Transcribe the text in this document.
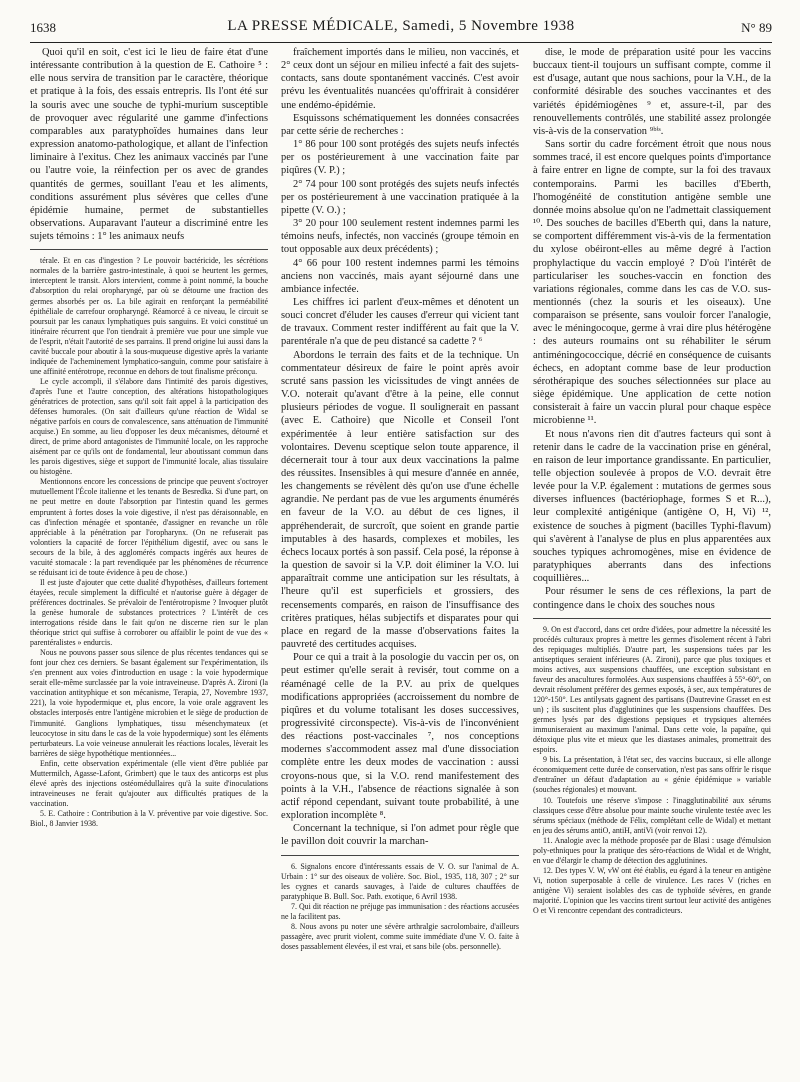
1638	LA PRESSE MÉDICALE, Samedi, 5 Novembre 1938	N° 89

Quoi qu'il en soit, c'est ici le lieu de faire état d'une intéressante contribution à la question de E. Cathoire ⁵ : elle nous servira de transition par le caractère, théorique et pratique à la fois, des essais entrepris. Ils l'ont été sur la souris avec une souche de typhi-murium susceptible de provoquer avec régularité une gamme d'infections comparables aux paratyphoïdes humaines dans leur expression anatomo-pathologique, et allant de l'infection liminaire à l'exitus. Chez les animaux vaccinés par l'une ou l'autre voie, la réinfection per os avec de grandes quantités de germes, souillant l'eau et les aliments, conditions assurément plus sévères que celles d'une épidémie humaine, permet de substantielles observations. Auparavant l'auteur a discriminé entre les sujets témoins : 1° les animaux neufs

térale. Et en cas d'ingestion ? Le pouvoir bactéricide, les sécrétions normales de la barrière gastro-intestinale, à quoi se heurtent les germes, interceptent le transit. Alors intervient, comme à point nommé, la bouche d'absorption du relai oropharyngé, par où se détourne une fraction des germes absorbés per os. La bile agirait en renforçant la perméabilité épithéliale de carrefour oropharyngé. Réamorcé à ce niveau, le circuit se poursuit par les canaux lymphatiques puis sanguins. Et voici constitué un itinéraire récurrent que l'on tiendrait à première vue pour une simple vue de l'esprit, n'était l'autorité de ses parrains. Il prend origine lui aussi dans la cavité buccale pour aboutir à la sous-muqueuse digestive après la variante indiquée de l'acheminement lymphatico-sanguin, comme pour satisfaire à une affinité entérotrope, reconnue en dehors de tout finalisme préconçu.

Le cycle accompli, il s'élabore dans l'intimité des parois digestives, d'après l'une et l'autre conception, des altérations histopathologiques génératrices de protection, sans qu'il soit fait appel à la participation des défenses humorales. (On sait d'ailleurs qu'une réaction de Widal se négative parfois en cours de convalescence, sans atténuation de l'immunité acquise.) En somme, au lieu d'opposer les deux mécanismes, détourné et direct, de prime abord antagonistes de l'immunité locale, on les rapproche aisément par ce qu'ils ont de fondamental, leur aboutissant commun dans les parois digestives, siège et support de l'immunité locale, alias tissulaire ou histogène.

Mentionnons encore les concessions de principe que peuvent s'octroyer mutuellement l'École italienne et les tenants de Besredka. Si d'une part, on ne peut mettre en doute l'absorption par l'intestin quand les germes empruntent à fortes doses la voie digestive, il n'est pas déraisonnable, en cas d'infection ménagée et spontanée, d'assigner en revanche un rôle appréciable à la pénétration par l'oropharynx. (On ne refuserait pas volontiers la capacité de forcer l'épithélium digestif, avec ou sans le secours de la bile, à des agglomérés compacts ingérés aux heures de vacuité stomacale : la part revendiquée par les phénomènes de récurrence se réduisant ici de toute évidence à peu de chose.)

Il est juste d'ajouter que cette dualité d'hypothèses, d'ailleurs fortement étayées, recule simplement la difficulté et n'autorise guère à dégager de préférences doctrinales. Se prévaloir de l'entérotropisme ? Invoquer plutôt la genèse humorale de substances protectrices ? L'intérêt de ces interrogations réside dans le fait qu'on ne discerne rien sur le plan théorique strict qui suffise à corroborer ou affaiblir le point de vue des « parentéralistes » endurcis.

Nous ne pouvons passer sous silence de plus récentes tendances qui se font jour chez ces derniers. Se basant également sur l'expérimentation, ils s'en prennent aux voies d'introduction en usage : la voie hypodermique serait elle-même surclassée par la voie intraveineuse. D'après A. Zironi (la vaccination antityphique et son mécanisme, Terapia, 27, Novembre 1937, 221), la voie hypodermique et, plus encore, la voie orale aggravent les obstacles interposés entre l'antigène microbien et le siège de production de l'immunité. Ganglions lymphatiques, tissu mésenchymateux (et leucocytose in situ dans le cas de la voie hypodermique) sont les éléments perturbateurs. La voie veineuse annulerait les réactions locales, lèverait les barrières de siège hypothétique mentionnées...

Enfin, cette observation expérimentale (elle vient d'être publiée par Muttermilch, Agasse-Lafont, Grimbert) que le taux des anticorps est plus élevé après des injections ostéomédullaires qu'à la suite d'inoculations intraveineuses ne ferait qu'ajouter aux difficultés pratiques de la vaccination.

5. E. Cathoire : Contribution à la V. préventive par voie digestive. Soc. Biol., 8 Janvier 1938.

fraîchement importés dans le milieu, non vaccinés, et 2° ceux dont un séjour en milieu infecté a fait des sujets-contacts, sans doute spontanément vaccinés. C'est avoir prévu les éventualités nuancées qu'offrirait à considérer une endémo-épidémie.

Esquissons schématiquement les données consacrées par cette série de recherches :

1° 86 pour 100 sont protégés des sujets neufs infectés per os postérieurement à une vaccination faite par piqûres (V. P.) ;

2° 74 pour 100 sont protégés des sujets neufs infectés per os postérieurement à une vaccination pratiquée à la pipette (V. O.) ;

3° 20 pour 100 seulement restent indemnes parmi les témoins neufs, infectés, non vaccinés (groupe témoin en tout opposable aux deux précédents) ;

4° 66 pour 100 restent indemnes parmi les témoins anciens non vaccinés, mais ayant séjourné dans une ambiance infectée.

Les chiffres ici parlent d'eux-mêmes et dénotent un souci concret d'éluder les causes d'erreur qui vicient tant de travaux. Comment rester indifférent au fait que la V. parentérale n'a que de peu distancé sa cadette ? ⁶

Abordons le terrain des faits et de la technique. Un commentateur désireux de faire le point après avoir scruté sans passion les vicissitudes de vingt années de V.O. noterait qu'avant d'être à la peine, elle connut plusieurs périodes de vogue. Il soulignerait en passant (avec E. Cathoire) que Nicolle et Conseil l'ont expérimentée à leur entière satisfaction sur des volontaires. Devenu sceptique selon toute apparence, il décernerait tour à tour aux deux vaccinations la palme des réussites. Insensibles à qui mesure d'année en année, les changements se révèlent dès qu'on use d'une échelle agrandie. Ne perdant pas de vue les arguments énumérés en faveur de la V.O. au début de ces lignes, il appréhenderait, de surcroît, que soient en grande partie imputables à des hasards, complexes et mobiles, les échecs locaux portés à son passif. Cela posé, la réponse à la question de savoir si la V.P. doit éliminer la V.O. lui apparaîtrait comme une anticipation sur les résultats, à l'heure qu'il est superficiels et grossiers, des recensements comparés, en raison de l'insuffisance des critères pratiques, hélas subjectifs et disparates pour qui place en regard de la masse d'observations faites la pauvreté des certitudes acquises.

Pour ce qui a trait à la posologie du vaccin per os, on peut estimer qu'elle serait à revisér, tout comme on a réaménagé celle de la P.V. au prix de quelques modifications appropriées (accroissement du nombre de piqûres et du volume totalisant les doses successives, progressivité circonspecte). Vis-à-vis de l'inconvénient des réactions post-vaccinales ⁷, nos conceptions modernes s'accommodent assez mal d'une dissociation complète entre les deux modes de vaccination : aussi croyons-nous que, si la V.O. rend manifestement des points à la V.H., l'absence de réactions signalée à son actif répond cependant, suivant toute probabilité, à une exploration incomplète ⁸.

Concernant la technique, si l'on admet pour règle que le pavillon doit couvrir la marchan-

6. Signalons encore d'intéressants essais de V. O. sur l'animal de A. Urbain : 1° sur des oiseaux de volière. Soc. Biol., 1935, 118, 307 ; 2° sur les cygnes et canards sauvages, à l'aide de cultures chauffées de paratyphique B. Bull. Soc. Path. exotique, 6 Avril 1938.

7. Qui dit réaction ne préjuge pas immunisation : des réactions accusées ne la facilitent pas.

8. Nous avons pu noter une sévère arthralgie sacrolombaire, d'ailleurs passagère, avec prurit violent, comme suite immédiate d'une V. O. faite à doses passablement élevées, il est vrai, et sans bile (obs. personnelle).

dise, le mode de préparation usité pour les vaccins buccaux tient-il toujours un suffisant compte, comme il est d'usage, autant que nous sachions, pour la V.H., de la conformité désirable des souches vaccinantes et des variétés épidémiogènes ⁹ et, assure-t-il, par des renouvellements contrôlés, une stabilité assez prolongée vis-à-vis de la conservation ⁹ᵇⁱˢ.

Sans sortir du cadre forcément étroit que nous nous sommes tracé, il est encore quelques points d'importance à faire entrer en ligne de compte, sur la foi des travaux contemporains. Parmi les bacilles d'Eberth, l'homogénéité de constitution antigène semble une donnée moins absolue qu'on ne l'admettait classiquement ¹⁰. Des souches de bacilles d'Eberth qui, dans la nature, se comportent différemment vis-à-vis de la fermentation du xylose obéiront-elles au même degré à l'action prophylactique du vaccin employé ? D'où l'intérêt de particulariser les souches-vaccin en fonction des variations régionales, comme dans les cas de V.O. sus-mentionnés (chez la souris et les oiseaux). Une comparaison se présente, sans vouloir forcer l'analogie, avec le méningocoque, germe à vrai dire plus hétérogène : des auteurs roumains ont su réhabiliter le sérum antiméningococcique, décrié en conséquence de cuisants échecs, en adoptant comme base de leur production sérothérapique des souches sélectionnées sur place au siège épidémique. Une application de cette notion consisterait à faire un vaccin plural pour chaque espèce microbienne ¹¹.

Et nous n'avons rien dit d'autres facteurs qui sont à retenir dans le cadre de la vaccination prise en général, en raison de leur importance grandissante. En particulier, telle objection soulevée à propos de V.O. devrait être levée pour la V.P. également : mutations de germes sous diverses influences (bactériophage, formes S et R...), leur complexité antigénique (antigène O, H, Vi) ¹², existence de souches à pigment (bacilles Typhi-flavum) qui s'avèrent à l'analyse de plus en plus apparentées aux souches typiques achromogènes, mise en évidence de paratyphiques aberrants dans des infections coquillières...

Pour résumer le sens de ces réflexions, la part de contingence dans le choix des souches nous

9. On est d'accord, dans cet ordre d'idées, pour admettre la nécessité les procédés culturaux propres à mettre les germes d'isolement récent à l'abri des repiquages multipliés. D'autre part, les suspensions tuées par les antiseptiques seraient inférieures (A. Zironi), parce que plus toxiques et moins actives, aux suspensions chauffées, une exception subsistant en faveur des anacultures formolées. Aux suspensions chauffées à 55°-60°, on devrait résolument préférer des germes exposés, à sec, aux températures de 120°-150°. Les antilysats gagnent des partisans (Dautrevine Grasset en est un) ; ils suscitent plus d'agglutinines que les suspensions chauffées. Des germes lysés par des digestions pepsiques et trypsiques alternées immuniseraient au maximum l'animal. Dans cette voie, la papaïne, qui détoxique plus vite et mieux que les diastases animales, promettrait des espoirs.

9 bis. La présentation, à l'état sec, des vaccins buccaux, si elle allonge économiquement cette durée de conservation, n'est pas sans offrir le risque d'entraîner un défaut d'adaptation au « génie épidémique » variable (souches régionales) et mouvant.

10. Toutefois une réserve s'impose : l'inagglutinabilité aux sérums classiques cesse d'être absolue pour mainte souche virulente testée avec les sérums spéciaux (méthode de Félix, complétant celle de Widal) et mettant en jeu des sérums antiO, antiH, antiVi (voir renvoi 12).

11. Analogie avec la méthode proposée par de Blasi : usage d'émulsion poly-ethniques pour la pratique des séro-réactions de Widal et de Wright, en vue d'élargir le champ de détection des agglutinines.

12. Des types V. W, vW ont été établis, eu égard à la teneur en antigène Vi, notion superposable à celle de virulence. Les races V (riches en antigène Vi) seraient isolables des cas de typhoïde sévères, en grande majorité. L'opinion que les vaccins tirent surtout leur activité des antigènes O et Vi rencontre cependant des contradicteurs.
